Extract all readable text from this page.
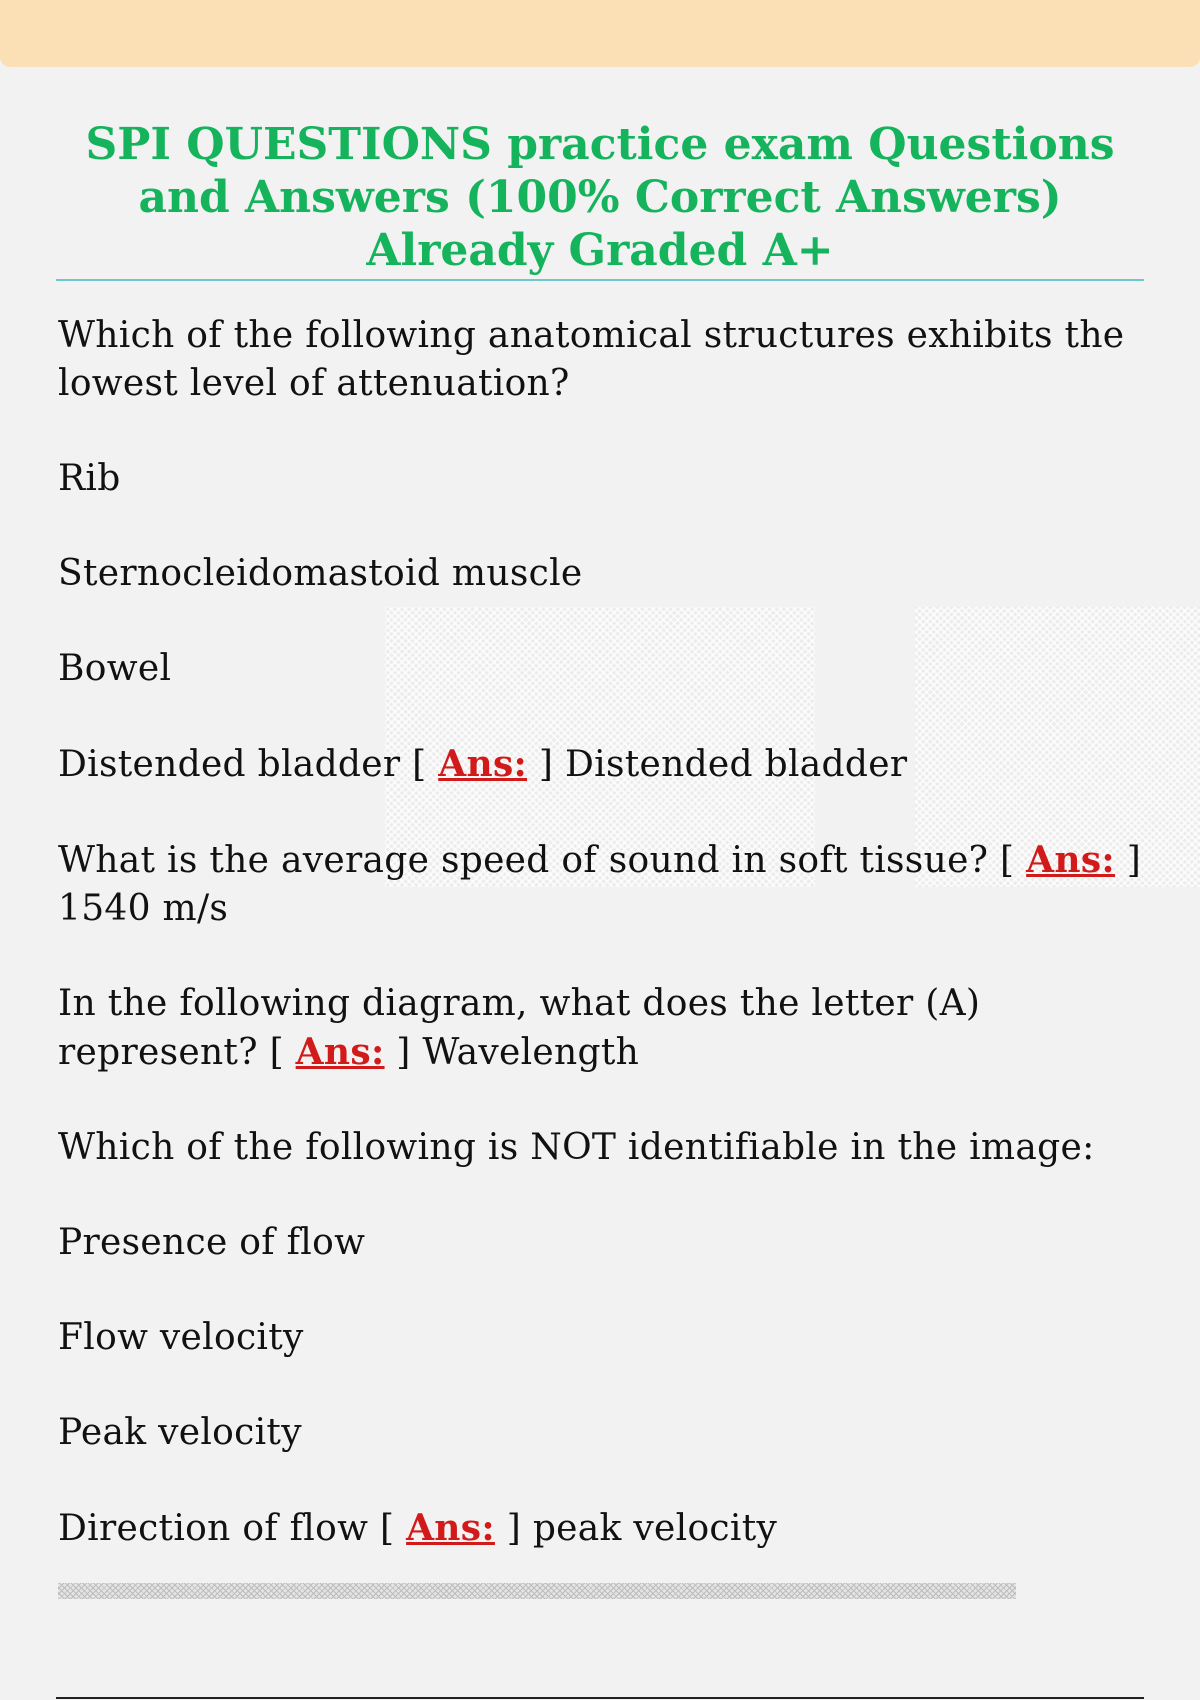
SPI QUESTIONS practice exam Questions and Answers (100% Correct Answers) Already Graded A+

Which of the following anatomical structures exhibits the lowest level of attenuation?

Rib

Sternocleidomastoid muscle

Bowel

Distended bladder [ Ans: ] Distended bladder

What is the average speed of sound in soft tissue? [ Ans: ]
1540 m/s

In the following diagram, what does the letter (A) represent? [ Ans: ] Wavelength

Which of the following is NOT identifiable in the image:

Presence of flow

Flow velocity

Peak velocity

Direction of flow [ Ans: ] peak velocity
